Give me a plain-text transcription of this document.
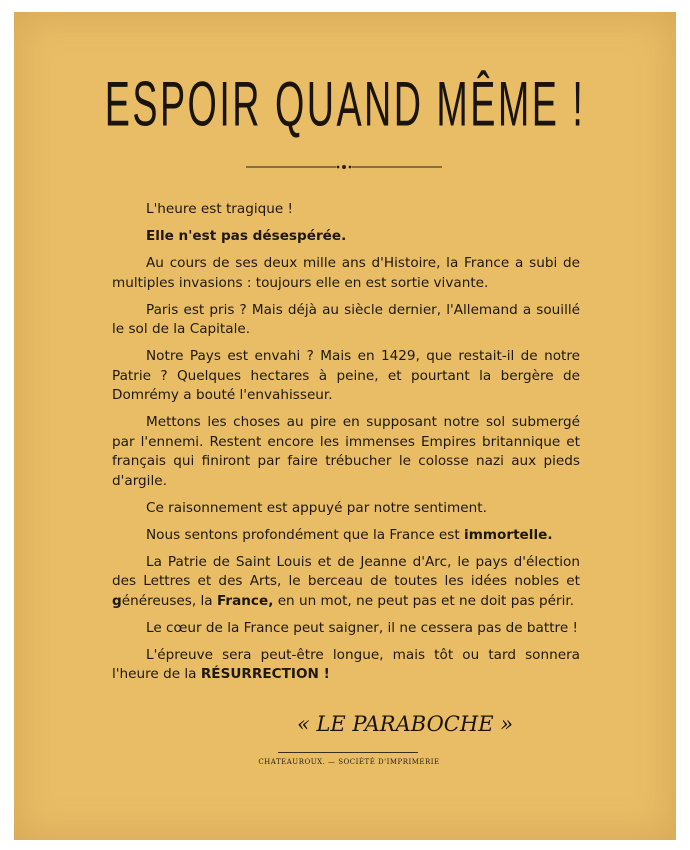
ESPOIR QUAND MÊME !

L'heure est tragique !

Elle n'est pas désespérée.

Au cours de ses deux mille ans d'Histoire, la France a subi de multiples invasions : toujours elle en est sortie vivante.

Paris est pris ? Mais déjà au siècle dernier, l'Allemand a souillé le sol de la Capitale.

Notre Pays est envahi ? Mais en 1429, que restait-il de notre Patrie ? Quelques hectares à peine, et pourtant la bergère de Domrémy a bouté l'envahisseur.

Mettons les choses au pire en supposant notre sol submergé par l'ennemi. Restent encore les immenses Empires britannique et français qui finiront par faire trébucher le colosse nazi aux pieds d'argile.

Ce raisonnement est appuyé par notre sentiment.

Nous sentons profondément que la France est immortelle.

La Patrie de Saint Louis et de Jeanne d'Arc, le pays d'élection des Lettres et des Arts, le berceau de toutes les idées nobles et généreuses, la France, en un mot, ne peut pas et ne doit pas périr.

Le cœur de la France peut saigner, il ne cessera pas de battre !

L'épreuve sera peut-être longue, mais tôt ou tard sonnera l'heure de la RÉSURRECTION !

« LE PARABOCHE »
CHATEAUROUX. — SOCIÉTÉ D'IMPRIMERIE
